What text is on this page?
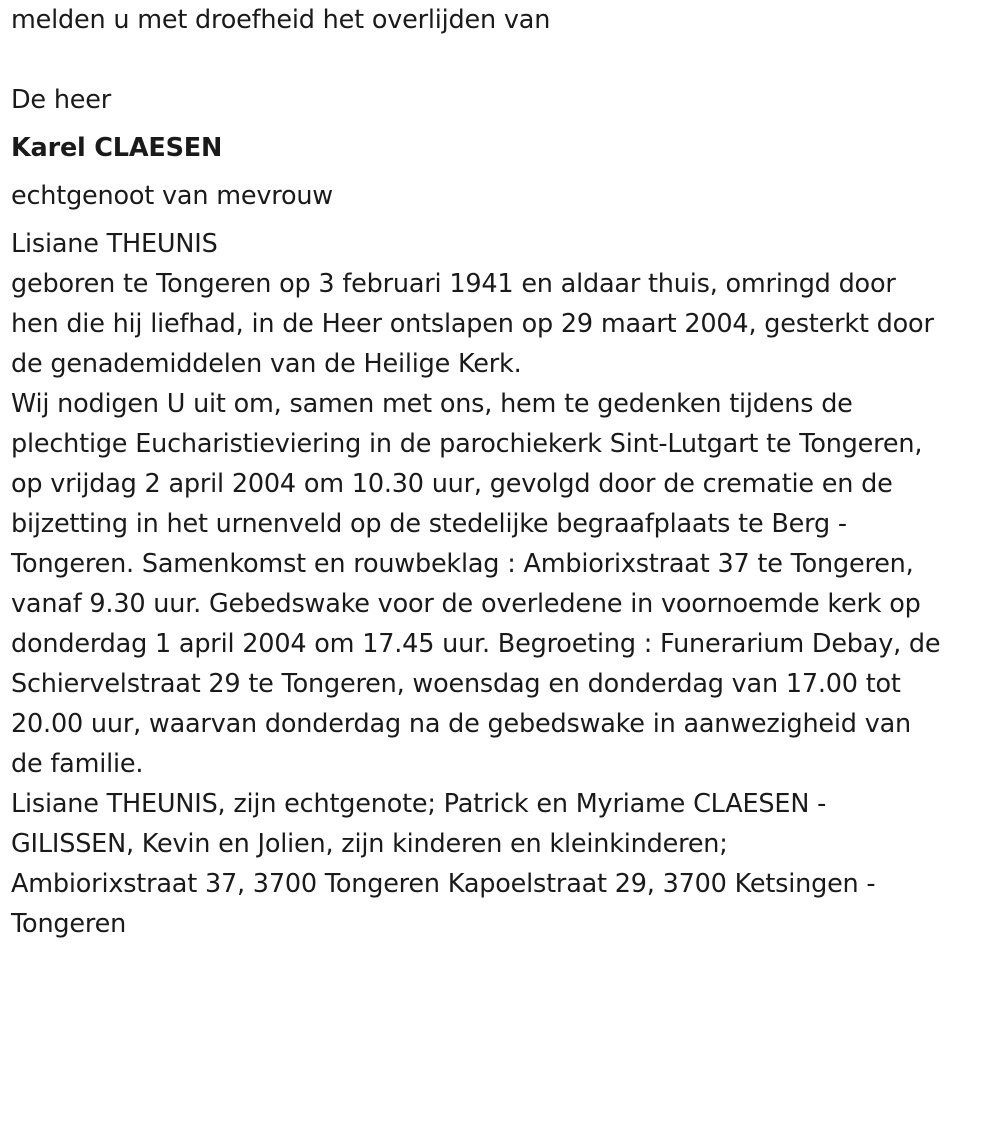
melden u met droefheid het overlijden van
De heer
Karel CLAESEN
echtgenoot van mevrouw
Lisiane THEUNIS
geboren te Tongeren op 3 februari 1941 en aldaar thuis, omringd door
hen die hij liefhad, in de Heer ontslapen op 29 maart 2004, gesterkt door
de genademiddelen van de Heilige Kerk.
Wij nodigen U uit om, samen met ons, hem te gedenken tijdens de
plechtige Eucharistieviering in de parochiekerk Sint-Lutgart te Tongeren,
op vrijdag 2 april 2004 om 10.30 uur, gevolgd door de crematie en de
bijzetting in het urnenveld op de stedelijke begraafplaats te Berg -
Tongeren. Samenkomst en rouwbeklag : Ambiorixstraat 37 te Tongeren,
vanaf 9.30 uur. Gebedswake voor de overledene in voornoemde kerk op
donderdag 1 april 2004 om 17.45 uur. Begroeting : Funerarium Debay, de
Schiervelstraat 29 te Tongeren, woensdag en donderdag van 17.00 tot
20.00 uur, waarvan donderdag na de gebedswake in aanwezigheid van
de familie.
Lisiane THEUNIS, zijn echtgenote; Patrick en Myriame CLAESEN -
GILISSEN, Kevin en Jolien, zijn kinderen en kleinkinderen;
Ambiorixstraat 37, 3700 Tongeren Kapoelstraat 29, 3700 Ketsingen -
Tongeren
